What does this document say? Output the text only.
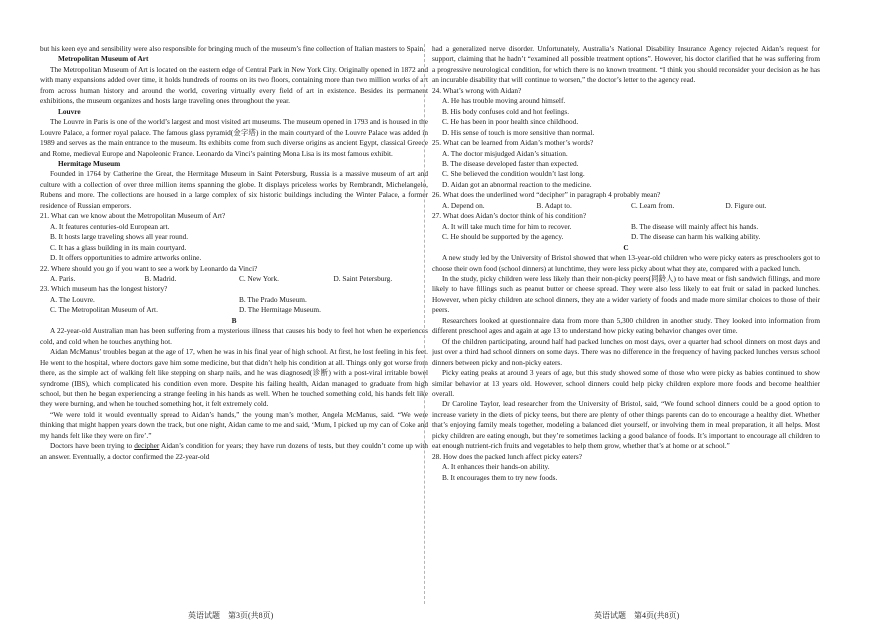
but his keen eye and sensibility were also responsible for bringing much of the museum’s fine collection of Italian masters to Spain.

Metropolitan Museum of Art

The Metropolitan Museum of Art is located on the eastern edge of Central Park in New York City. Originally opened in 1872 and with many expansions added over time, it holds hundreds of rooms on its two floors, containing more than two million works of art from across human history and around the world, covering virtually every field of art in existence. Besides its permanent exhibitions, the museum organizes and hosts large traveling ones throughout the year.

Louvre

The Louvre in Paris is one of the world’s largest and most visited art museums. The museum opened in 1793 and is housed in the Louvre Palace, a former royal palace. The famous glass pyramid(金字塔) in the main courtyard of the Louvre Palace was added in 1989 and serves as the main entrance to the museum. Its exhibits come from such diverse origins as ancient Egypt, classical Greece and Rome, medieval Europe and Napoleonic France. Leonardo da Vinci’s painting Mona Lisa is its most famous exhibit.

Hermitage Museum

Founded in 1764 by Catherine the Great, the Hermitage Museum in Saint Petersburg, Russia is a massive museum of art and culture with a collection of over three million items spanning the globe. It displays priceless works by Rembrandt, Michelangelo, Rubens and more. The collections are housed in a large complex of six historic buildings including the Winter Palace, a former residence of Russian emperors.

21. What can we know about the Metropolitan Museum of Art?
A. It features centuries-old European art.
B. It hosts large traveling shows all year round.
C. It has a glass building in its main courtyard.
D. It offers opportunities to admire artworks online.
22. Where should you go if you want to see a work by Leonardo da Vinci?
A. Paris.	B. Madrid.	C. New York.	D. Saint Petersburg.
23. Which museum has the longest history?
A. The Louvre.	B. The Prado Museum.
C. The Metropolitan Museum of Art.	D. The Hermitage Museum.
B

A 22-year-old Australian man has been suffering from a mysterious illness that causes his body to feel hot when he experiences cold, and cold when he touches anything hot.

Aidan McManus’ troubles began at the age of 17, when he was in his final year of high school. At first, he lost feeling in his feet. He went to the hospital, where doctors gave him some medicine, but that didn’t help his condition at all. Things only got worse from there, as the simple act of walking felt like stepping on sharp nails, and he was diagnosed(诊断) with a post-viral irritable bowel syndrome (IBS), which complicated his condition even more. Despite his failing health, Aidan managed to graduate from high school, but then he began experiencing a strange feeling in his hands as well. When he touched something cold, his hands felt like they were burning, and when he touched something hot, it felt extremely cold.

“We were told it would eventually spread to Aidan’s hands,” the young man’s mother, Angela McManus, said. “We were thinking that might happen years down the track, but one night, Aidan came to me and said, ‘Mum, I picked up my can of Coke and my hands felt like they were on fire’.”

Doctors have been trying to decipher Aidan’s condition for years; they have run dozens of tests, but they couldn’t come up with an answer. Eventually, a doctor confirmed the 22-year-old

had a generalized nerve disorder. Unfortunately, Australia’s National Disability Insurance Agency rejected Aidan’s request for support, claiming that he hadn’t “examined all possible treatment options”. However, his doctor clarified that he was suffering from a progressive neurological condition, for which there is no known treatment. “I think you should reconsider your decision as he has an incurable disability that will continue to worsen,” the doctor’s letter to the agency read.

24. What’s wrong with Aidan?
A. He has trouble moving around himself.
B. His body confuses cold and hot feelings.
C. He has been in poor health since childhood.
D. His sense of touch is more sensitive than normal.
25. What can be learned from Aidan’s mother’s words?
A. The doctor misjudged Aidan’s situation.
B. The disease developed faster than expected.
C. She believed the condition wouldn’t last long.
D. Aidan got an abnormal reaction to the medicine.
26. What does the underlined word “decipher” in paragraph 4 probably mean?
A. Depend on.	B. Adapt to.	C. Learn from.	D. Figure out.
27. What does Aidan’s doctor think of his condition?
A. It will take much time for him to recover.	B. The disease will mainly affect his hands.
C. He should be supported by the agency.	D. The disease can harm his walking ability.
C

A new study led by the University of Bristol showed that when 13-year-old children who were picky eaters as preschoolers got to choose their own food (school dinners) at lunchtime, they were less picky about what they ate, compared with a packed lunch.

In the study, picky children were less likely than their non-picky peers(同龄人) to have meat or fish sandwich fillings, and more likely to have fillings such as peanut butter or cheese spread. They were also less likely to eat fruit or salad in packed lunches. However, when picky children ate school dinners, they ate a wider variety of foods and made more similar choices to those of their peers.

Researchers looked at questionnaire data from more than 5,300 children in another study. They looked into information from different preschool ages and again at age 13 to understand how picky eating behavior changes over time.

Of the children participating, around half had packed lunches on most days, over a quarter had school dinners on most days and just over a third had school dinners on some days. There was no difference in the frequency of having packed lunches versus school dinners between picky and non-picky eaters.

Picky eating peaks at around 3 years of age, but this study showed some of those who were picky as babies continued to show similar behavior at 13 years old. However, school dinners could help picky children explore more foods and become healthier overall.

Dr Caroline Taylor, lead researcher from the University of Bristol, said, “We found school dinners could be a good option to increase variety in the diets of picky teens, but there are plenty of other things parents can do to encourage a healthy diet. Whether that’s enjoying family meals together, modeling a balanced diet yourself, or involving them in meal preparation, it all helps. Most picky children are eating enough, but they’re sometimes lacking a good balance of foods. It’s important to encourage all children to eat enough nutrient-rich fruits and vegetables to help them grow, whether that’s at home or at school.”

28. How does the packed lunch affect picky eaters?
A. It enhances their hands-on ability.
B. It encourages them to try new foods.
英语试题　第3页(共8页)	英语试题　第4页(共8页)
